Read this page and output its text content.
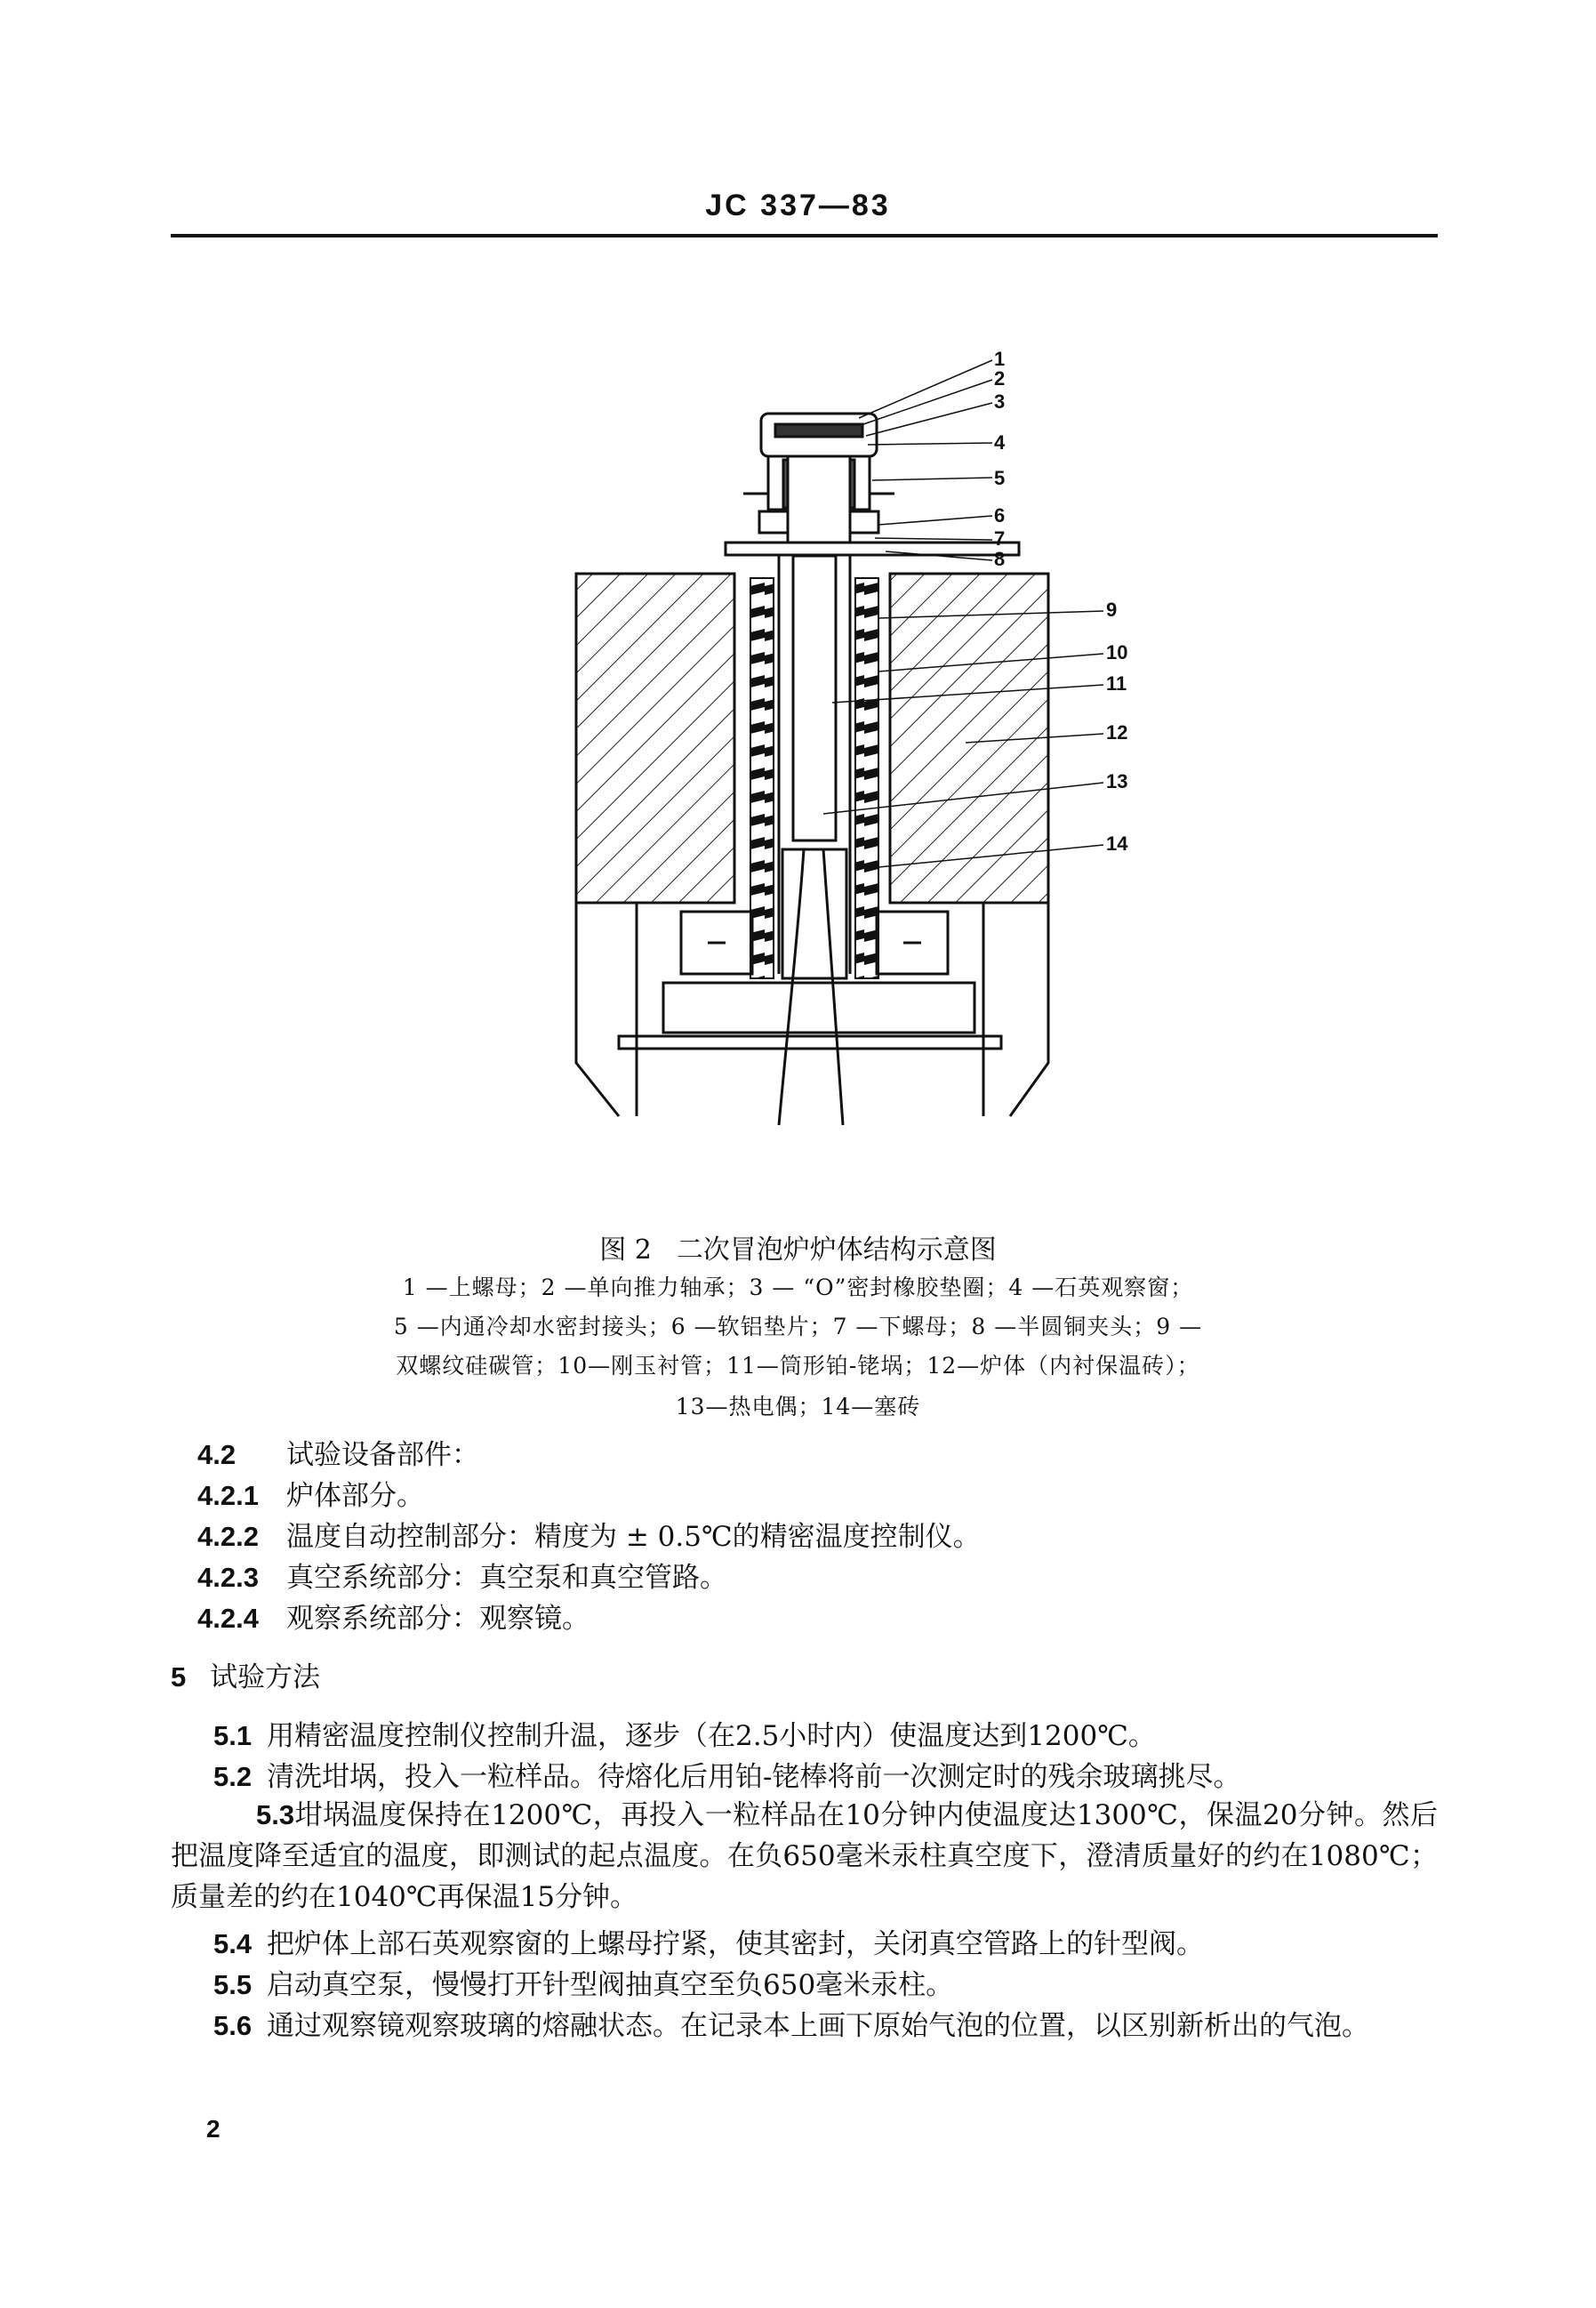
JC 337—83
1
2
3
4
5
6
7
8
9
10
11
12
13
14
图 2 二次冒泡炉炉体结构示意图
1 —上螺母；2 —单向推力轴承；3 — “O”密封橡胶垫圈；4 —石英观察窗；
5 —内通冷却水密封接头；6 —软铝垫片；7 —下螺母；8 —半圆铜夹头；9 —
双螺纹硅碳管；10—刚玉衬管；11—筒形铂-铑埚；12—炉体（内衬保温砖）；
13—热电偶；14—塞砖
4.2 试验设备部件：
4.2.1 炉体部分。
4.2.2 温度自动控制部分：精度为 ± 0.5℃的精密温度控制仪。
4.2.3 真空系统部分：真空泵和真空管路。
4.2.4 观察系统部分：观察镜。
5 试验方法
5.1 用精密温度控制仪控制升温，逐步（在2.5小时内）使温度达到1200℃。
5.2 清洗坩埚，投入一粒样品。待熔化后用铂-铑棒将前一次测定时的残余玻璃挑尽。
5.3坩埚温度保持在1200℃，再投入一粒样品在10分钟内使温度达1300℃，保温20分钟。然后把温度降至适宜的温度，即测试的起点温度。在负650毫米汞柱真空度下，澄清质量好的约在1080℃；质量差的约在1040℃再保温15分钟。
5.4 把炉体上部石英观察窗的上螺母拧紧，使其密封，关闭真空管路上的针型阀。
5.5 启动真空泵，慢慢打开针型阀抽真空至负650毫米汞柱。
5.6 通过观察镜观察玻璃的熔融状态。在记录本上画下原始气泡的位置，以区别新析出的气泡。
2
